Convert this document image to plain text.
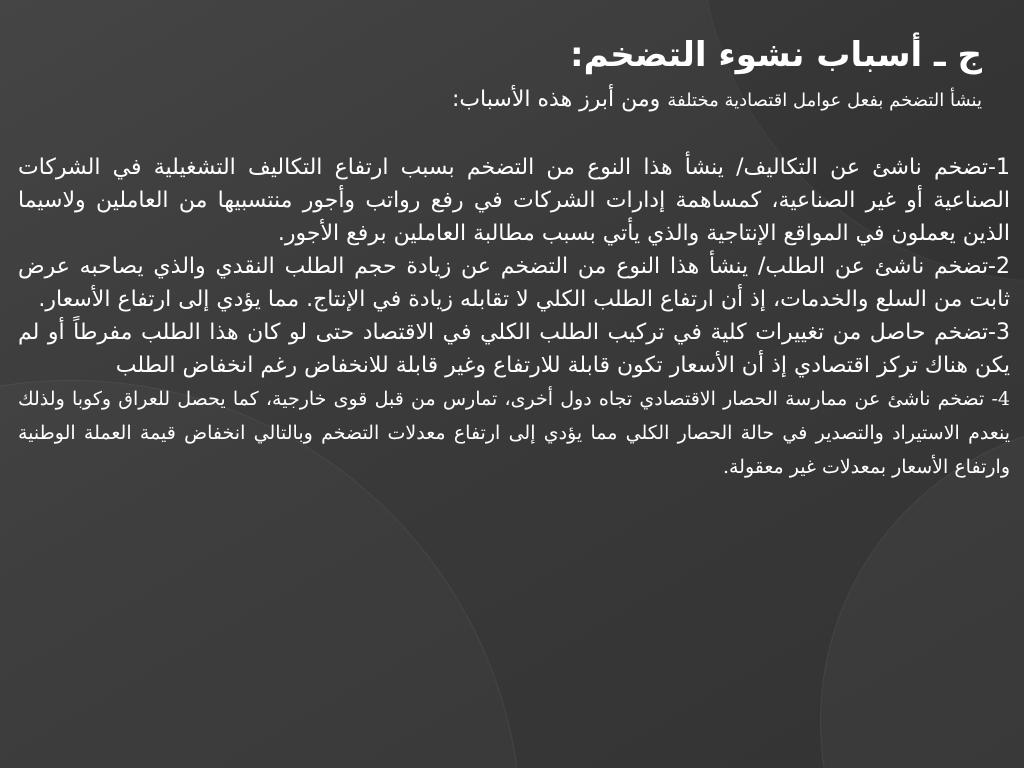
ج ـ أسباب نشوء التضخم:

ينشأ التضخم بفعل عوامل اقتصادية مختلفة ومن أبرز هذه الأسباب:

1-تضخم ناشئ عن التكاليف/ ينشأ هذا النوع من التضخم بسبب ارتفاع التكاليف التشغيلية في الشركات الصناعية أو غير الصناعية، كمساهمة إدارات الشركات في رفع رواتب وأجور منتسبيها من العاملين ولاسيما الذين يعملون في المواقع الإنتاجية والذي يأتي بسبب مطالبة العاملين برفع الأجور.

2-تضخم ناشئ عن الطلب/ ينشأ هذا النوع من التضخم عن زيادة حجم الطلب النقدي والذي يصاحبه عرض ثابت من السلع والخدمات، إذ أن ارتفاع الطلب الكلي لا تقابله زيادة في الإنتاج. مما يؤدي إلى ارتفاع الأسعار.

3-تضخم حاصل من تغييرات كلية في تركيب الطلب الكلي في الاقتصاد حتى لو كان هذا الطلب مفرطاً أو لم يكن هناك تركز اقتصادي إذ أن الأسعار تكون قابلة للارتفاع وغير قابلة للانخفاض رغم انخفاض الطلب

4- تضخم ناشئ عن ممارسة الحصار الاقتصادي تجاه دول أخرى، تمارس من قبل قوى خارجية، كما يحصل للعراق وكوبا ولذلك ينعدم الاستيراد والتصدير في حالة الحصار الكلي مما يؤدي إلى ارتفاع معدلات التضخم وبالتالي انخفاض قيمة العملة الوطنية وارتفاع الأسعار بمعدلات غير معقولة.
